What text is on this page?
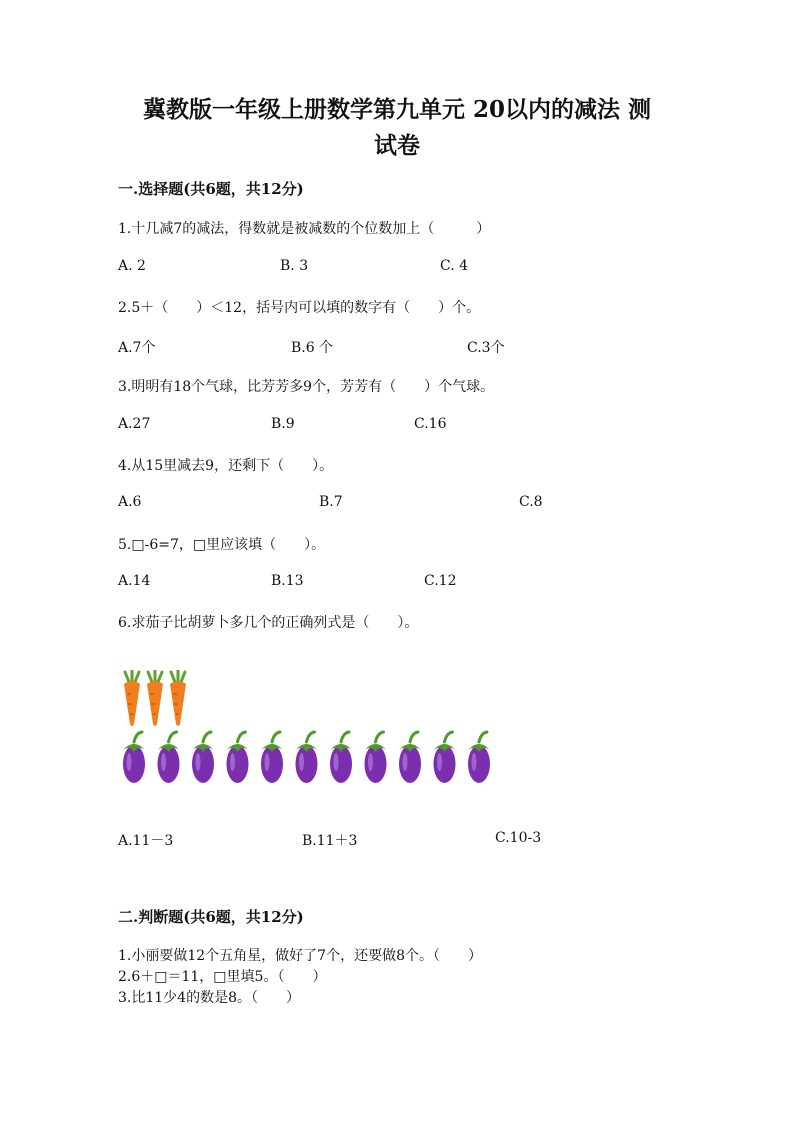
冀教版一年级上册数学第九单元 20以内的减法 测
试卷
一.选择题(共6题，共12分)
1.十几减7的减法，得数就是被减数的个位数加上（　　　）
A. 2	B. 3	C. 4
2.5＋（　　）＜12，括号内可以填的数字有（　　）个。
A.7个	B.6 个	C.3个
3.明明有18个气球，比芳芳多9个，芳芳有（　　）个气球。
A.27	B.9	C.16
4.从15里减去9，还剩下（　　）。
A.6	B.7	C.8
5.□-6=7，□里应该填（　　）。
A.14	B.13	C.12
6.求茄子比胡萝卜多几个的正确列式是（　　）。
A.11－3	B.11＋3	C.10-3
二.判断题(共6题，共12分)
1.小丽要做12个五角星，做好了7个，还要做8个。（　　）
2.6＋□＝11，□里填5。（　　）
3.比11少4的数是8。（　　）
